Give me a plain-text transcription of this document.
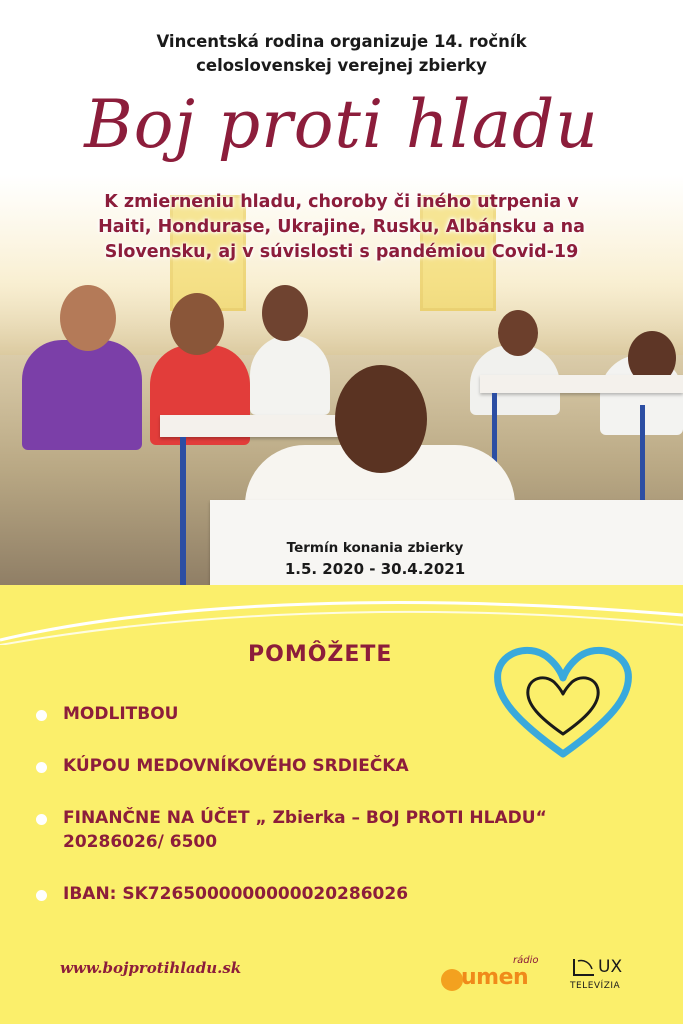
Vincentská rodina organizuje 14. ročník
celoslovenskej verejnej zbierky
Boj proti hladu
K zmierneniu hladu, choroby či iného utrpenia v
Haiti, Hondurase, Ukrajine, Rusku, Albánsku a na
Slovensku, aj v súvislosti s pandémiou Covid-19
Termín konania zbierky
1.5. 2020 - 30.4.2021
POMÔŽETE
MODLITBOU
KÚPOU MEDOVNÍKOVÉHO SRDIEČKA
FINANČNE NA ÚČET „ Zbierka – BOJ PROTI HLADU“
20286026/ 6500
IBAN: SK7265000000000020286026
www.bojprotihladu.sk	rádio
umen	UX
TELEVÍZIA
